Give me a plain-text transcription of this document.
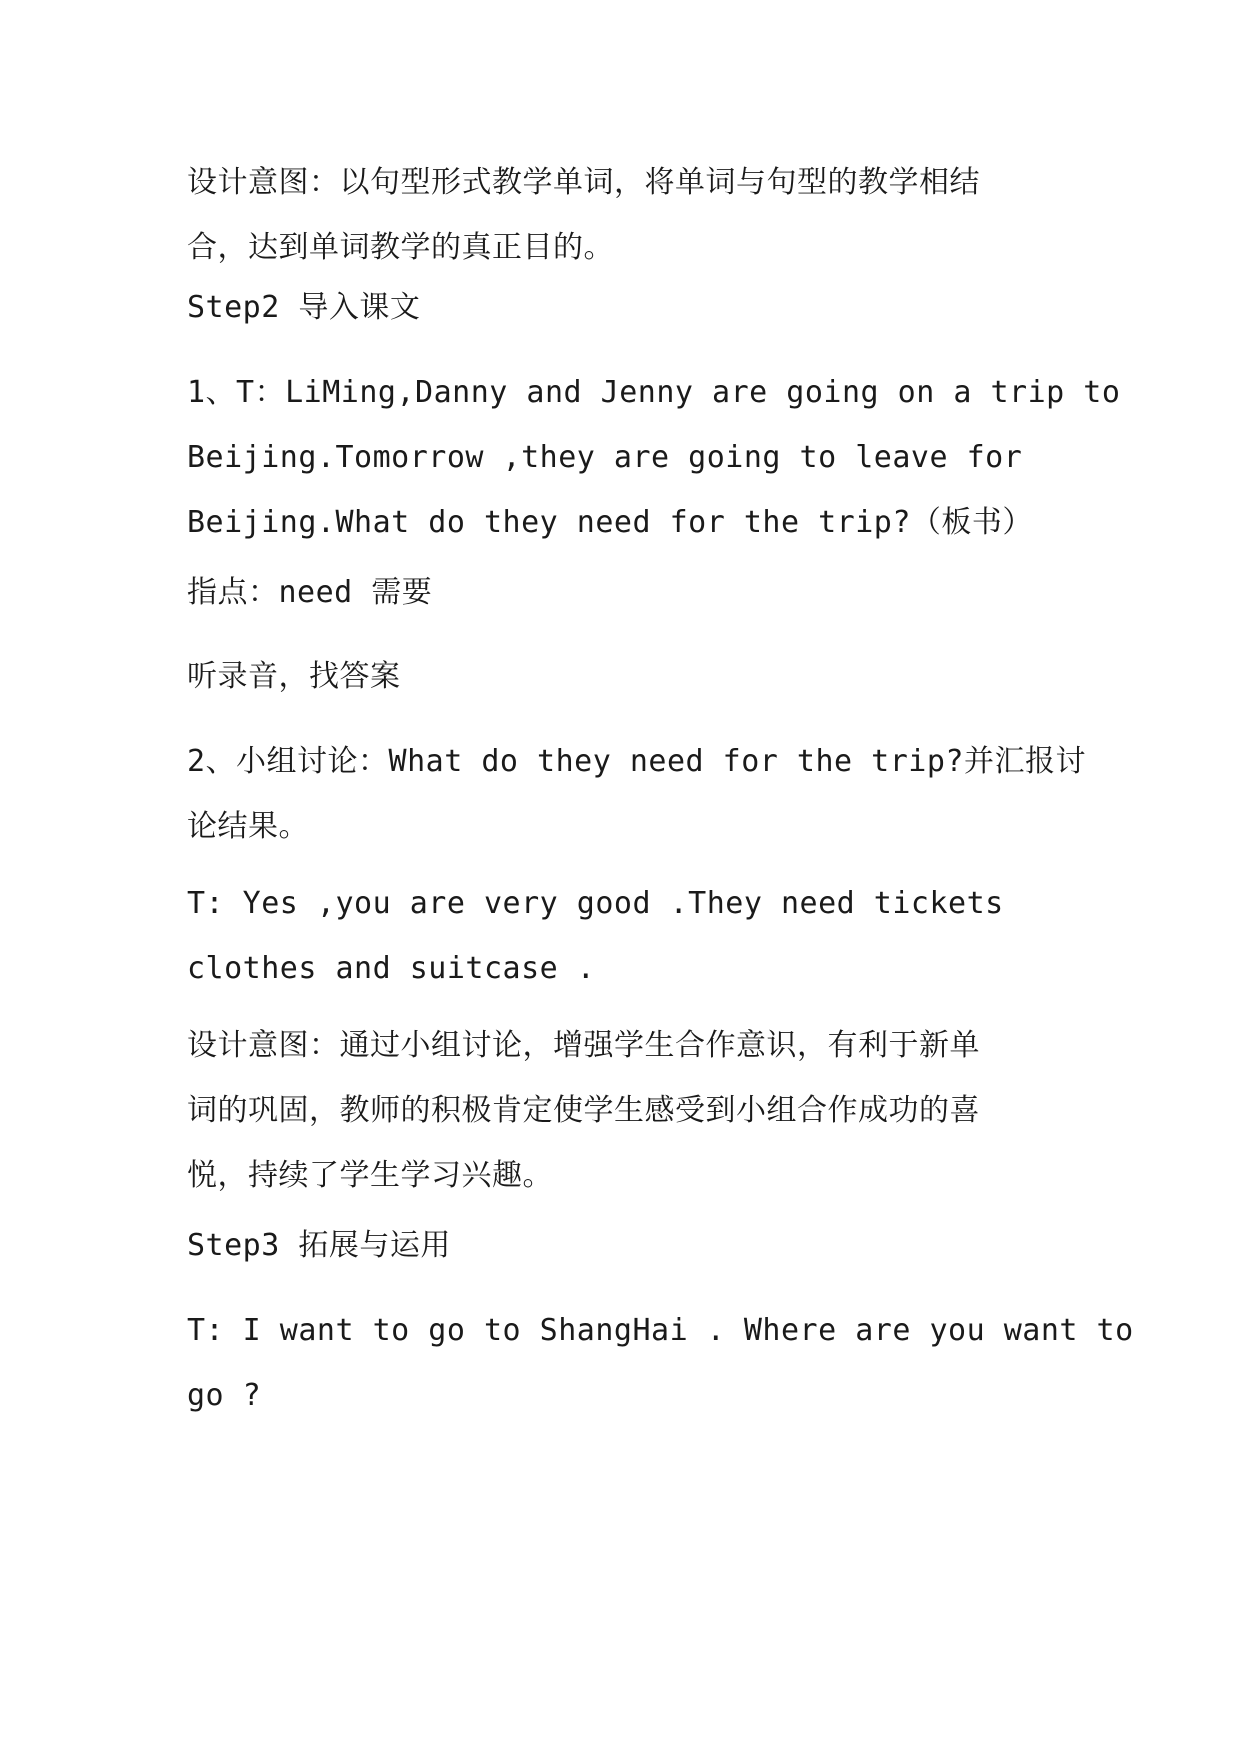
设计意图：以句型形式教学单词，将单词与句型的教学相结
合，达到单词教学的真正目的。

Step2 导入课文

1、T：LiMing,Danny and Jenny are going on a trip to
Beijing.Tomorrow ,they are going to leave for
Beijing.What do they need for the trip?（板书）

指点：need 需要

听录音，找答案

2、小组讨论：What do they need for the trip?并汇报讨
论结果。

T: Yes ,you are very good .They need tickets
clothes and suitcase .

设计意图：通过小组讨论，增强学生合作意识，有利于新单
词的巩固，教师的积极肯定使学生感受到小组合作成功的喜
悦，持续了学生学习兴趣。

Step3 拓展与运用

T: I want to go to ShangHai . Where are you want to
go ?
